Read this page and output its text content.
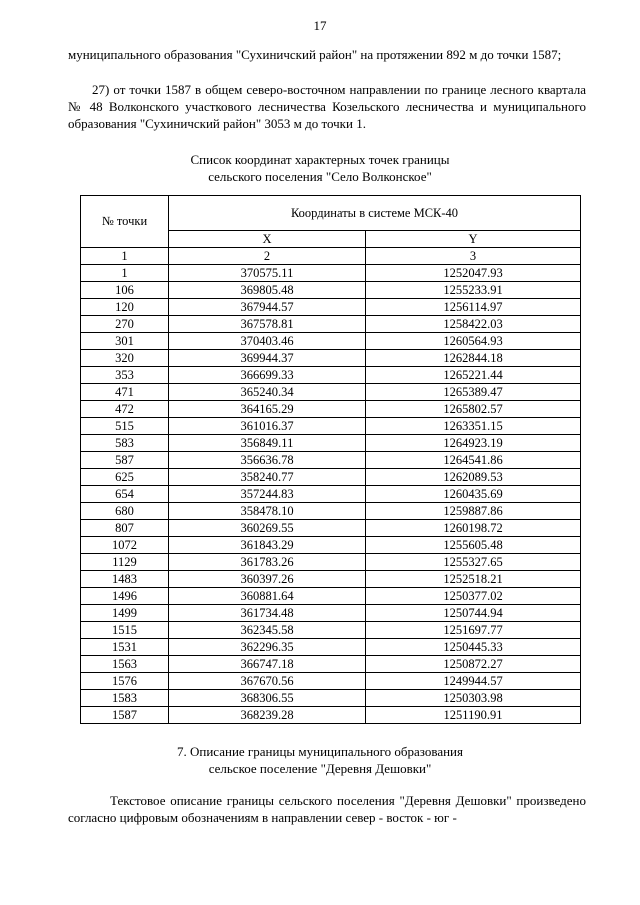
17
муниципального образования "Сухиничский район" на протяжении 892 м до точки 1587;
27) от точки 1587 в общем северо-восточном направлении по границе лесного квартала № 48 Волконского участкового лесничества Козельского лесничества и муниципального образования "Сухиничский район" 3053 м до точки 1.
Список координат характерных точек границы
сельского поселения "Село Волконское"
№ точки	Координаты в системе МСК-40	
	X	Y
1	2	3
1	370575.11	1252047.93
106	369805.48	1255233.91
120	367944.57	1256114.97
270	367578.81	1258422.03
301	370403.46	1260564.93
320	369944.37	1262844.18
353	366699.33	1265221.44
471	365240.34	1265389.47
472	364165.29	1265802.57
515	361016.37	1263351.15
583	356849.11	1264923.19
587	356636.78	1264541.86
625	358240.77	1262089.53
654	357244.83	1260435.69
680	358478.10	1259887.86
807	360269.55	1260198.72
1072	361843.29	1255605.48
1129	361783.26	1255327.65
1483	360397.26	1252518.21
1496	360881.64	1250377.02
1499	361734.48	1250744.94
1515	362345.58	1251697.77
1531	362296.35	1250445.33
1563	366747.18	1250872.27
1576	367670.56	1249944.57
1583	368306.55	1250303.98
1587	368239.28	1251190.91
7. Описание границы муниципального образования
сельское поселение "Деревня Дешовки"
Текстовое описание границы сельского поселения "Деревня Дешовки" произведено согласно цифровым обозначениям в направлении север - восток - юг -
